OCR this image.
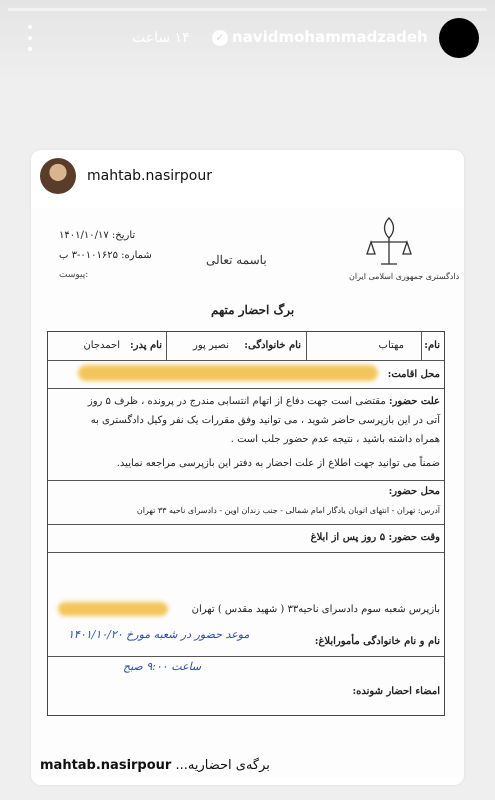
۱۴ ساعت	✓ navidmohammadzadeh
mahtab.nasirpour
تاریخ: ۱۴۰۱/۱۰/۱۷
شماره: ۰۱۰۱۶۲۵-۳ ب
پیوست:
باسمه تعالی
دادگستری جمهوری اسلامی ایران
برگ احضار متهم
نام:
مهتاب
نام خانوادگی:
نصیر پور
نام پدر:
احمدجان
محل اقامت:
علت حضور: مقتضی است جهت دفاع از اتهام انتسابی مندرج در پرونده ، ظرف ۵ روز
آتی در این بازپرسی حاضر شوید ، می توانید وفق مقررات یک نفر وکیل دادگستری به
همراه داشته باشید ، نتیجه عدم حضور جلب است .
ضمناً می توانید جهت اطلاع از علت احضار به دفتر این بازپرسی مراجعه نمایید.
محل حضور:
آدرس: تهران - انتهای اتوبان یادگار امام شمالی - جنب زندان اوین - دادسرای ناحیه ۳۳ تهران
وقت حضور: ۵ روز پس از ابلاغ
بازپرس شعبه سوم دادسرای ناحیه۳۳ ( شهید مقدس ) تهران
نام و نام خانوادگی مأمورابلاغ:
موعد حضور در شعبه مورخ ۱۴۰۱/۱۰/۲۰
ساعت ۹:۰۰ صبح
امضاء احضار شونده:
mahtab.nasirpour ...برگه‌ی احضاریه
